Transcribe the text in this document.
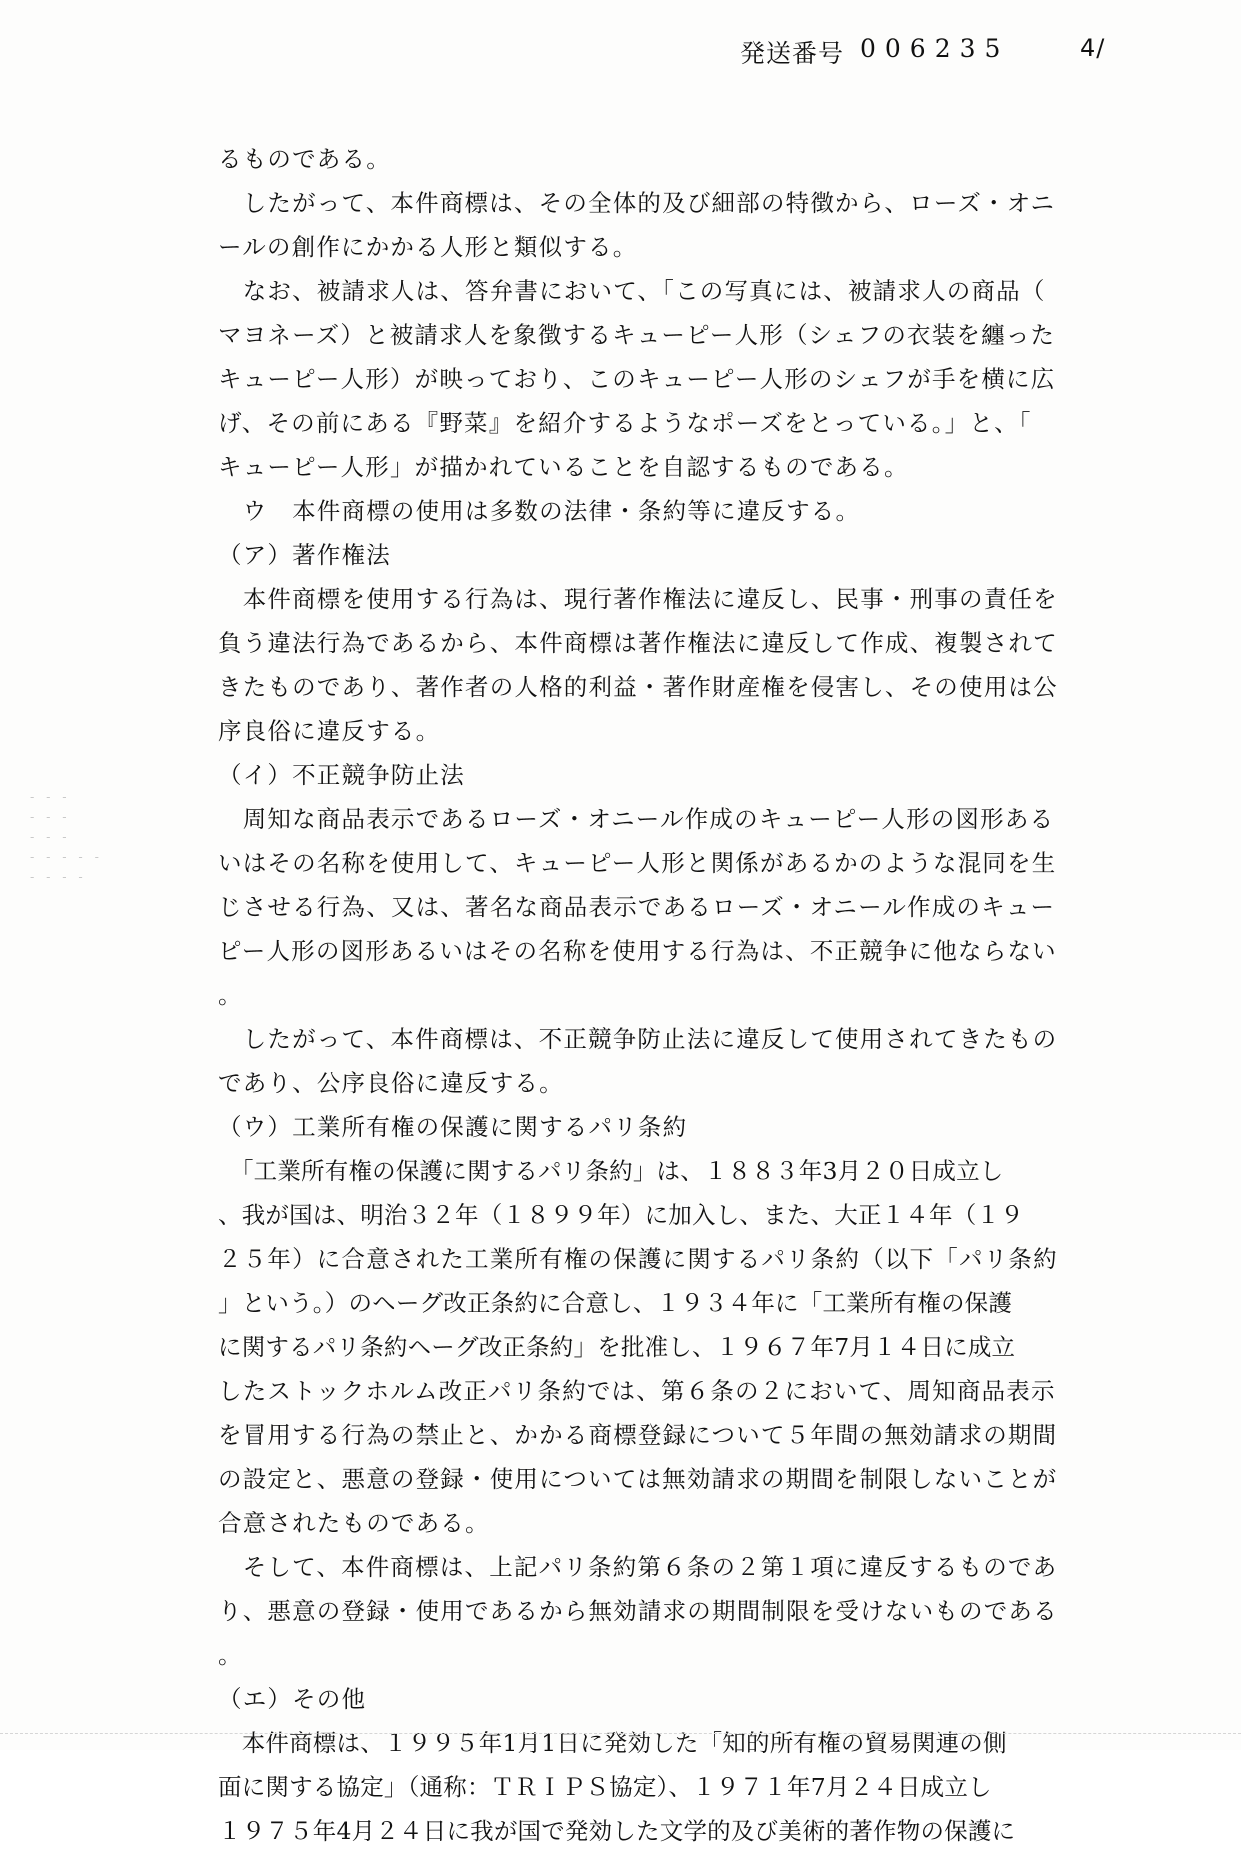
発送番号 006235	4/
るものである。
　したがって、本件商標は、その全体的及び細部の特徴から、ローズ・オニ
ールの創作にかかる人形と類似する。
　なお、被請求人は、答弁書において、「この写真には、被請求人の商品（
マヨネーズ）と被請求人を象徴するキューピー人形（シェフの衣装を纏った
キューピー人形）が映っており、このキューピー人形のシェフが手を横に広
げ、その前にある『野菜』を紹介するようなポーズをとっている。」と、「
キューピー人形」が描かれていることを自認するものである。
　ウ　本件商標の使用は多数の法律・条約等に違反する。
（ア）著作権法
　本件商標を使用する行為は、現行著作権法に違反し、民事・刑事の責任を
負う違法行為であるから、本件商標は著作権法に違反して作成、複製されて
きたものであり、著作者の人格的利益・著作財産権を侵害し、その使用は公
序良俗に違反する。
（イ）不正競争防止法
　周知な商品表示であるローズ・オニール作成のキューピー人形の図形ある
いはその名称を使用して、キューピー人形と関係があるかのような混同を生
じさせる行為、又は、著名な商品表示であるローズ・オニール作成のキュー
ピー人形の図形あるいはその名称を使用する行為は、不正競争に他ならない
。
　したがって、本件商標は、不正競争防止法に違反して使用されてきたもの
であり、公序良俗に違反する。
（ウ）工業所有権の保護に関するパリ条約
　「工業所有権の保護に関するパリ条約」は、１８８３年3月２０日成立し
、我が国は、明治３２年（１８９９年）に加入し、また、大正１４年（１９
２５年）に合意された工業所有権の保護に関するパリ条約（以下「パリ条約
」という。）のヘーグ改正条約に合意し、１９３４年に「工業所有権の保護
に関するパリ条約ヘーグ改正条約」を批准し、１９６７年7月１４日に成立
したストックホルム改正パリ条約では、第６条の２において、周知商品表示
を冒用する行為の禁止と、かかる商標登録について５年間の無効請求の期間
の設定と、悪意の登録・使用については無効請求の期間を制限しないことが
合意されたものである。
　そして、本件商標は、上記パリ条約第６条の２第１項に違反するものであ
り、悪意の登録・使用であるから無効請求の期間制限を受けないものである
。
（エ）その他
　本件商標は、１９９５年1月1日に発効した「知的所有権の貿易関連の側
面に関する協定」（通称：ＴＲＩＰＳ協定）、１９７１年7月２４日成立し
１９７５年4月２４日に我が国で発効した文学的及び美術的著作物の保護に
- - -
- - -
- - -
- - - - -
- - - -
